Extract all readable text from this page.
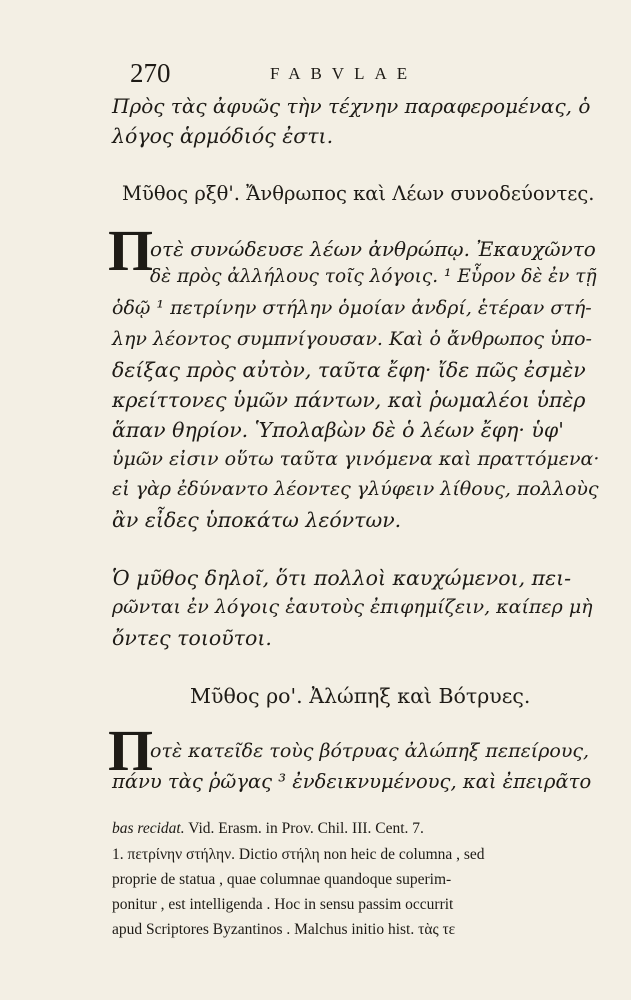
270	FABVLAE
Πρὸς τὰς ἀφυῶς τὴν τέχνην παραφερομένας, ὁ
λόγος ἁρμόδιός ἐστι.
Μῦθος ρξθ'. Ἄνθρωπος καὶ Λέων συνοδεύοντες.
Π
οτὲ συνώδευσε λέων ἀνθρώπῳ. Ἐκαυχῶντο
δὲ πρὸς ἀλλήλους τοῖς λόγοις. ¹ Εὗρον δὲ ἐν τῇ
ὁδῷ ¹ πετρίνην στήλην ὁμοίαν ἀνδρί, ἑτέραν στή-
λην λέοντος συμπνίγουσαν. Καὶ ὁ ἄνθρωπος ὑπο-
δείξας πρὸς αὐτὸν, ταῦτα ἔφη· ἴδε πῶς ἐσμὲν
κρείττονες ὑμῶν πάντων, καὶ ῥωμαλέοι ὑπὲρ
ἅπαν θηρίον. Ὑπολαβὼν δὲ ὁ λέων ἔφη· ὑφ'
ὑμῶν εἰσιν οὕτω ταῦτα γινόμενα καὶ πραττόμενα·
εἰ γὰρ ἐδύναντο λέοντες γλύφειν λίθους, πολλοὺς
ἂν εἶδες ὑποκάτω λεόντων.
Ὁ μῦθος δηλοῖ, ὅτι πολλοὶ καυχώμενοι, πει-
ρῶνται ἐν λόγοις ἑαυτοὺς ἐπιφημίζειν, καίπερ μὴ
ὄντες τοιοῦτοι.
Μῦθος ρο'. Ἀλώπηξ καὶ Βότρυες.
Π
οτὲ κατεῖδε τοὺς βότρυας ἀλώπηξ πεπείρους,
πάνυ τὰς ῥῶγας ³ ἐνδεικνυμένους, καὶ ἐπειρᾶτο
bas recidat. Vid. Erasm. in Prov. Chil. III. Cent. 7.
1. πετρίνην στήλην. Dictio στήλη non heic de columna , sed
proprie de statua , quae columnae quandoque superim-
ponitur , est intelligenda . Hoc in sensu passim occurrit
apud Scriptores Byzantinos . Malchus initio hist. τὰς τε
